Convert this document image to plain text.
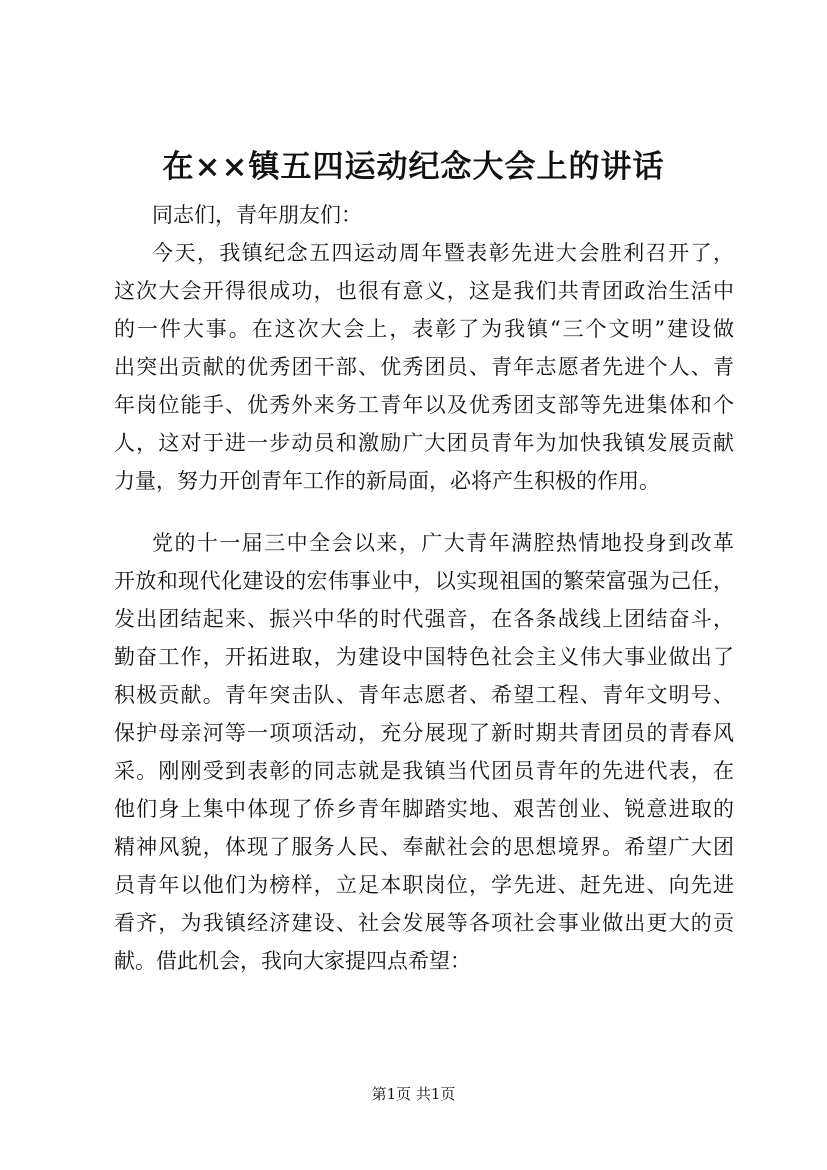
在××镇五四运动纪念大会上的讲话
同志们，青年朋友们：
今天，我镇纪念五四运动周年暨表彰先进大会胜利召开了，
这次大会开得很成功，也很有意义，这是我们共青团政治生活中
的一件大事。在这次大会上，表彰了为我镇“三个文明”建设做
出突出贡献的优秀团干部、优秀团员、青年志愿者先进个人、青
年岗位能手、优秀外来务工青年以及优秀团支部等先进集体和个
人，这对于进一步动员和激励广大团员青年为加快我镇发展贡献
力量，努力开创青年工作的新局面，必将产生积极的作用。
党的十一届三中全会以来，广大青年满腔热情地投身到改革
开放和现代化建设的宏伟事业中，以实现祖国的繁荣富强为己任，
发出团结起来、振兴中华的时代强音，在各条战线上团结奋斗，
勤奋工作，开拓进取，为建设中国特色社会主义伟大事业做出了
积极贡献。青年突击队、青年志愿者、希望工程、青年文明号、
保护母亲河等一项项活动，充分展现了新时期共青团员的青春风
采。刚刚受到表彰的同志就是我镇当代团员青年的先进代表，在
他们身上集中体现了侨乡青年脚踏实地、艰苦创业、锐意进取的
精神风貌，体现了服务人民、奉献社会的思想境界。希望广大团
员青年以他们为榜样，立足本职岗位，学先进、赶先进、向先进
看齐，为我镇经济建设、社会发展等各项社会事业做出更大的贡
献。借此机会，我向大家提四点希望：
第1页 共1页
